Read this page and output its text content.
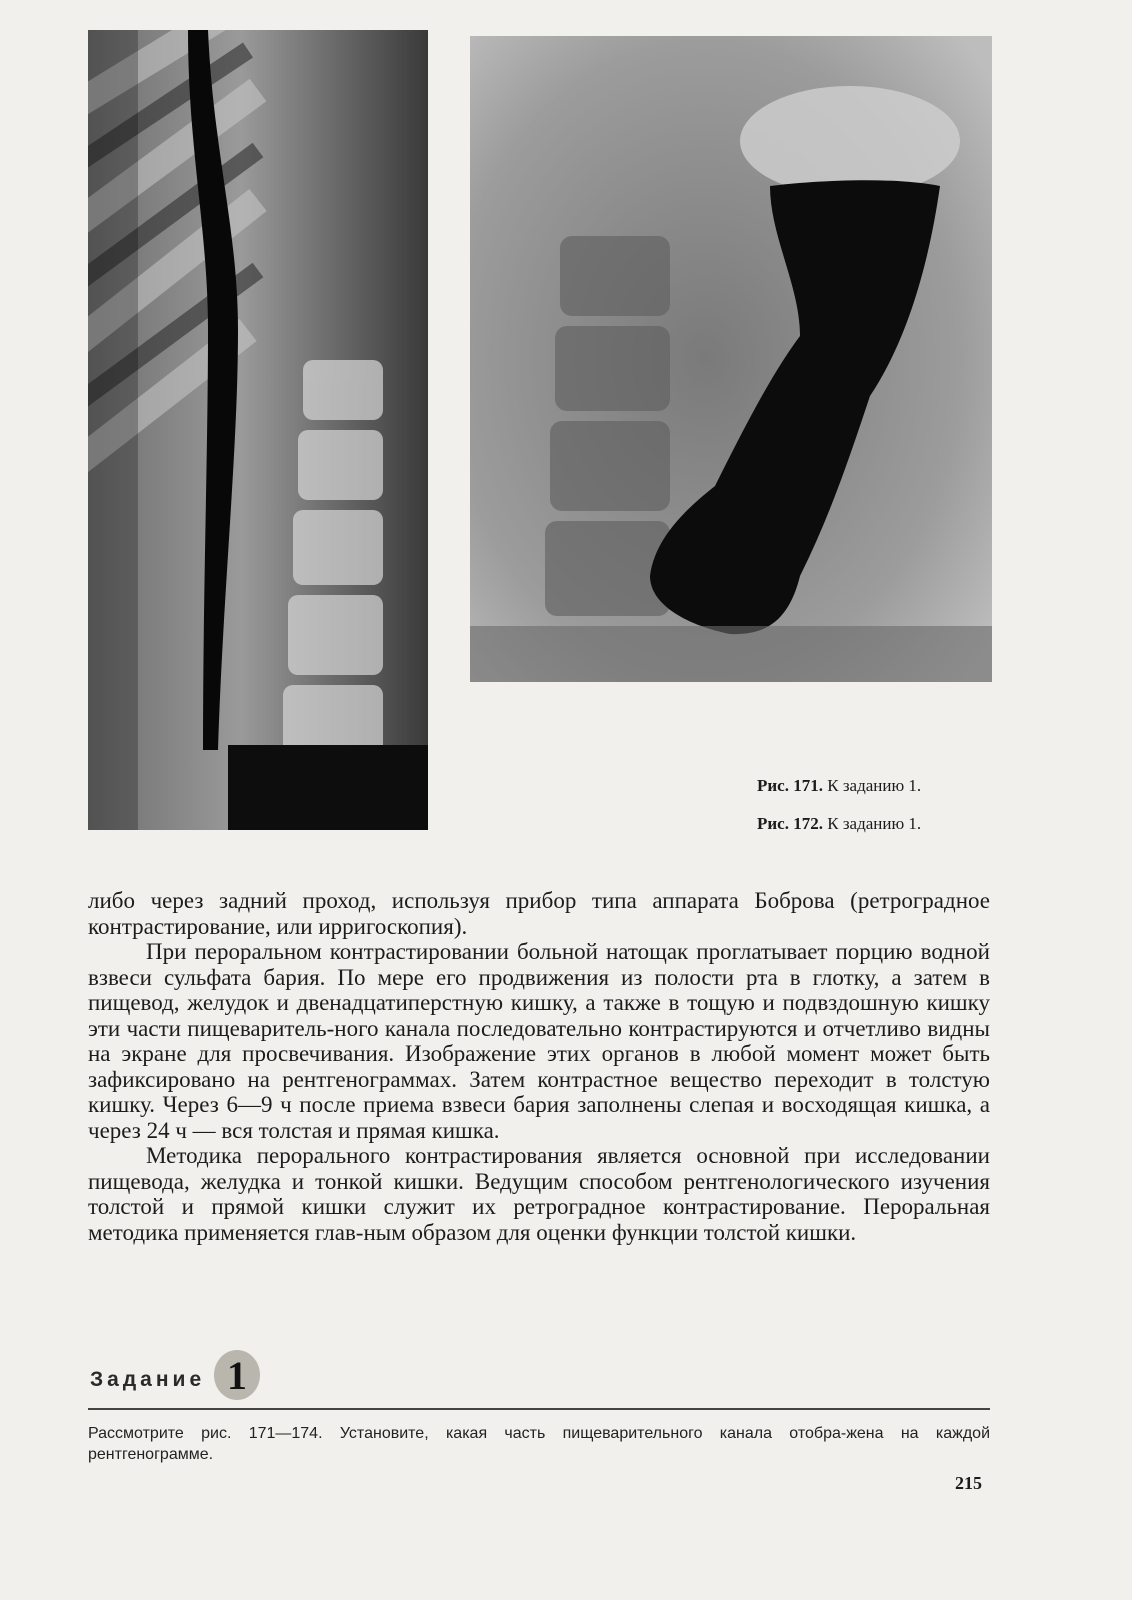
Рис. 171. К заданию 1.
Рис. 172. К заданию 1.

либо через задний проход, используя прибор типа аппарата Боброва (ретроградное контрастирование, или ирригоскопия).

При пероральном контрастировании больной натощак проглатывает порцию водной взвеси сульфата бария. По мере его продвижения из полости рта в глотку, а затем в пищевод, желудок и двенадцатиперстную кишку, а также в тощую и подвздошную кишку эти части пищеваритель-ного канала последовательно контрастируются и отчетливо видны на экране для просвечивания. Изображение этих органов в любой момент может быть зафиксировано на рентгенограммах. Затем контрастное вещество переходит в толстую кишку. Через 6—9 ч после приема взвеси бария заполнены слепая и восходящая кишка, а через 24 ч — вся толстая и прямая кишка.

Методика перорального контрастирования является основной при исследовании пищевода, желудка и тонкой кишки. Ведущим способом рентгенологического изучения толстой и прямой кишки служит их ретроградное контрастирование. Пероральная методика применяется глав-ным образом для оценки функции толстой кишки.

Задание 1
Рассмотрите рис. 171—174. Установите, какая часть пищеварительного канала отобра-жена на каждой рентгенограмме.
215
